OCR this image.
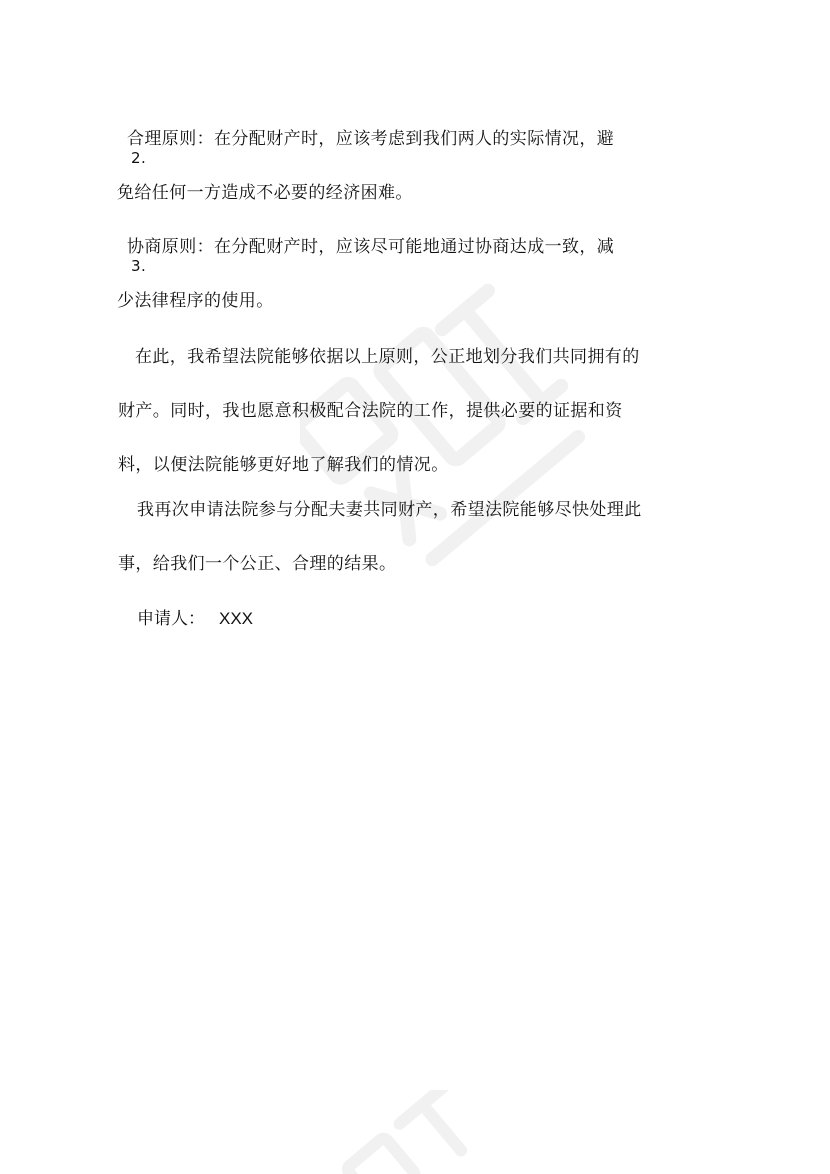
合
2.
理原则：在分配财产时，应该考虑到我们两人的实际情况，避
免给任何一方造成不必要的经济困难。

协
3.
商原则：在分配财产时，应该尽可能地通过协商达成一致，减
少法律程序的使用。

在此，我希望法院能够依据以上原则，公正地划分我们共同拥有的
财产。同时，我也愿意积极配合法院的工作，提供必要的证据和资
料，以便法院能够更好地了解我们的情况。

我再次申请法院参与分配夫妻共同财产，希望法院能够尽快处理此
事，给我们一个公正、合理的结果。

申请人： XXX
